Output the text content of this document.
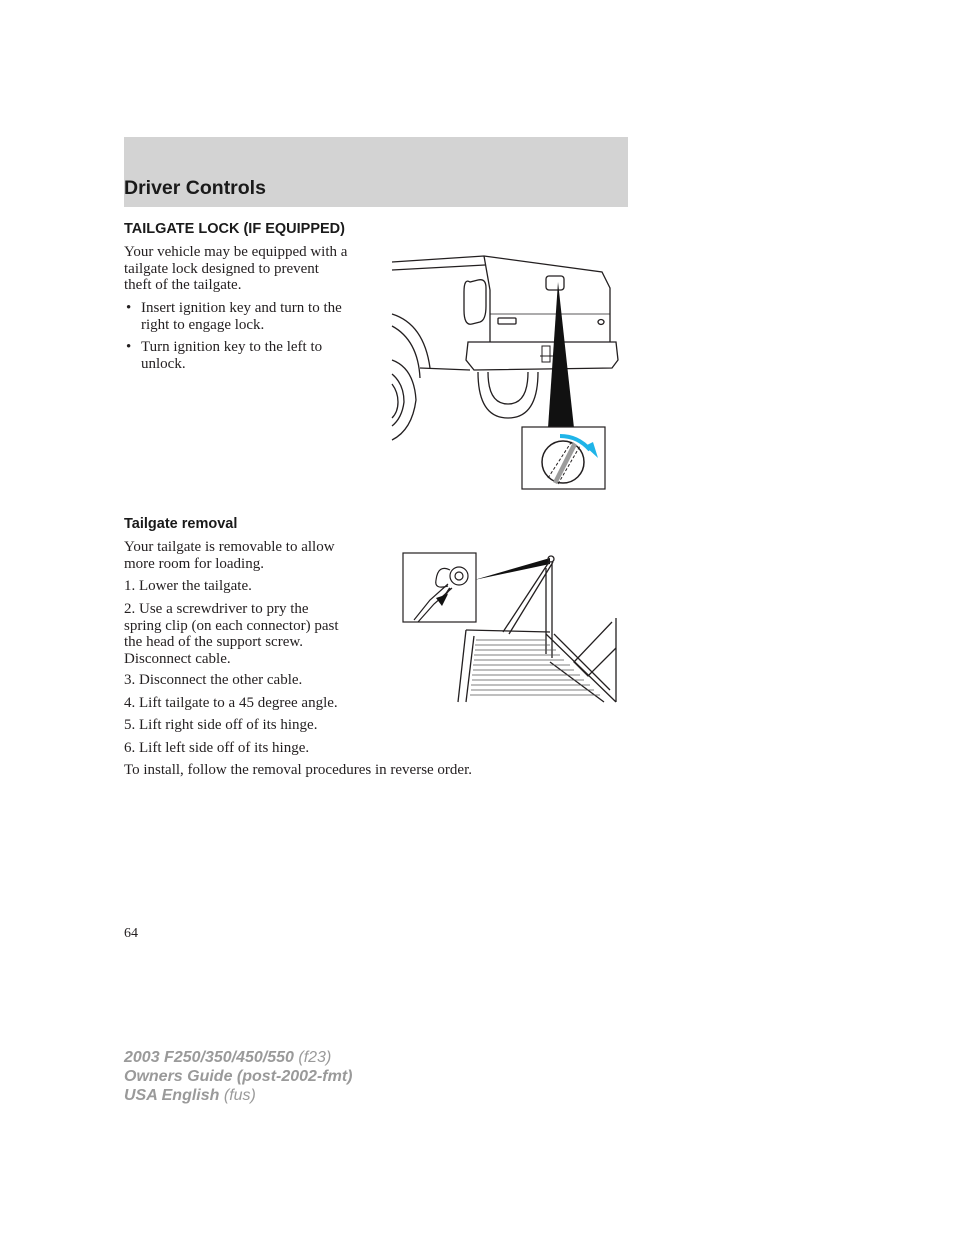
Driver Controls
TAILGATE LOCK (IF EQUIPPED)

Your vehicle may be equipped with a
tailgate lock designed to prevent
theft of the tailgate.

• Insert ignition key and turn to the
right to engage lock.
• Turn ignition key to the left to
unlock.
Tailgate removal

Your tailgate is removable to allow
more room for loading.

1. Lower the tailgate.

2. Use a screwdriver to pry the
spring clip (on each connector) past
the head of the support screw.
Disconnect cable.

3. Disconnect the other cable.
4. Lift tailgate to a 45 degree angle.
5. Lift right side off of its hinge.
6. Lift left side off of its hinge.
To install, follow the removal procedures in reverse order.
64
2003 F250/350/450/550 (f23)
Owners Guide (post-2002-fmt)
USA English (fus)
